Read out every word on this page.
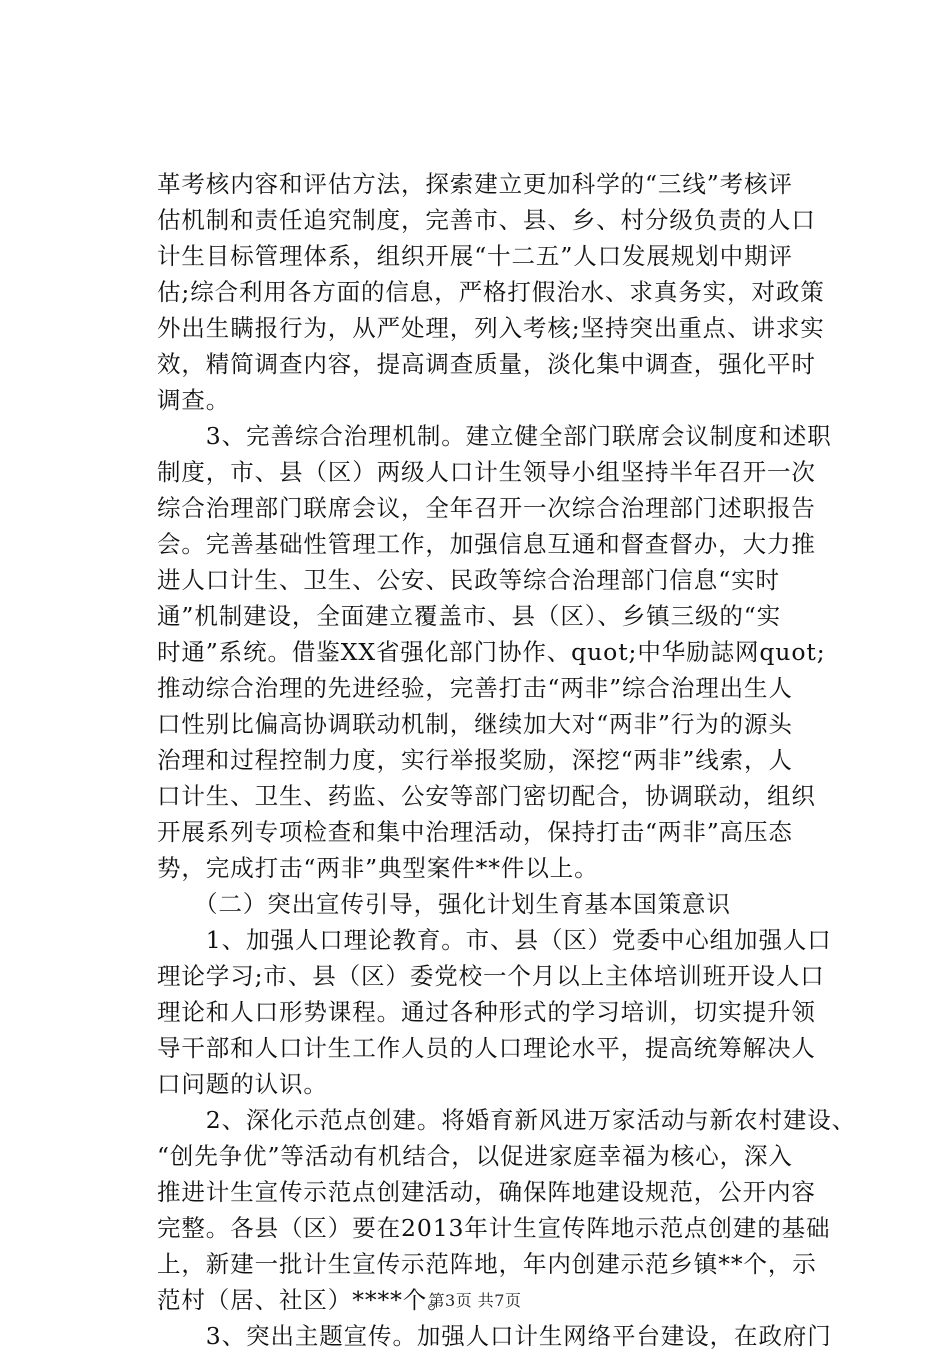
革考核内容和评估方法，探索建立更加科学的“三线”考核评
估机制和责任追究制度，完善市、县、乡、村分级负责的人口
计生目标管理体系，组织开展“十二五”人口发展规划中期评
估;综合利用各方面的信息，严格打假治水、求真务实，对政策
外出生瞒报行为，从严处理，列入考核;坚持突出重点、讲求实
效，精简调查内容，提高调查质量，淡化集中调查，强化平时
调查。
　　3、完善综合治理机制。建立健全部门联席会议制度和述职
制度，市、县（区）两级人口计生领导小组坚持半年召开一次
综合治理部门联席会议，全年召开一次综合治理部门述职报告
会。完善基础性管理工作，加强信息互通和督查督办，大力推
进人口计生、卫生、公安、民政等综合治理部门信息“实时
通”机制建设，全面建立覆盖市、县（区）、乡镇三级的“实
时通”系统。借鉴XX省强化部门协作、quot;中华励誌网quot;
推动综合治理的先进经验，完善打击“两非”综合治理出生人
口性别比偏高协调联动机制，继续加大对“两非”行为的源头
治理和过程控制力度，实行举报奖励，深挖“两非”线索，人
口计生、卫生、药监、公安等部门密切配合，协调联动，组织
开展系列专项检查和集中治理活动，保持打击“两非”高压态
势，完成打击“两非”典型案件**件以上。
　　（二）突出宣传引导，强化计划生育基本国策意识
　　1、加强人口理论教育。市、县（区）党委中心组加强人口
理论学习;市、县（区）委党校一个月以上主体培训班开设人口
理论和人口形势课程。通过各种形式的学习培训，切实提升领
导干部和人口计生工作人员的人口理论水平，提高统筹解决人
口问题的认识。
　　2、深化示范点创建。将婚育新风进万家活动与新农村建设、
“创先争优”等活动有机结合，以促进家庭幸福为核心，深入
推进计生宣传示范点创建活动，确保阵地建设规范，公开内容
完整。各县（区）要在2013年计生宣传阵地示范点创建的基础
上，新建一批计生宣传示范阵地，年内创建示范乡镇**个，示
范村（居、社区）****个。
　　3、突出主题宣传。加强人口计生网络平台建设，在政府门
第3页 共7页
